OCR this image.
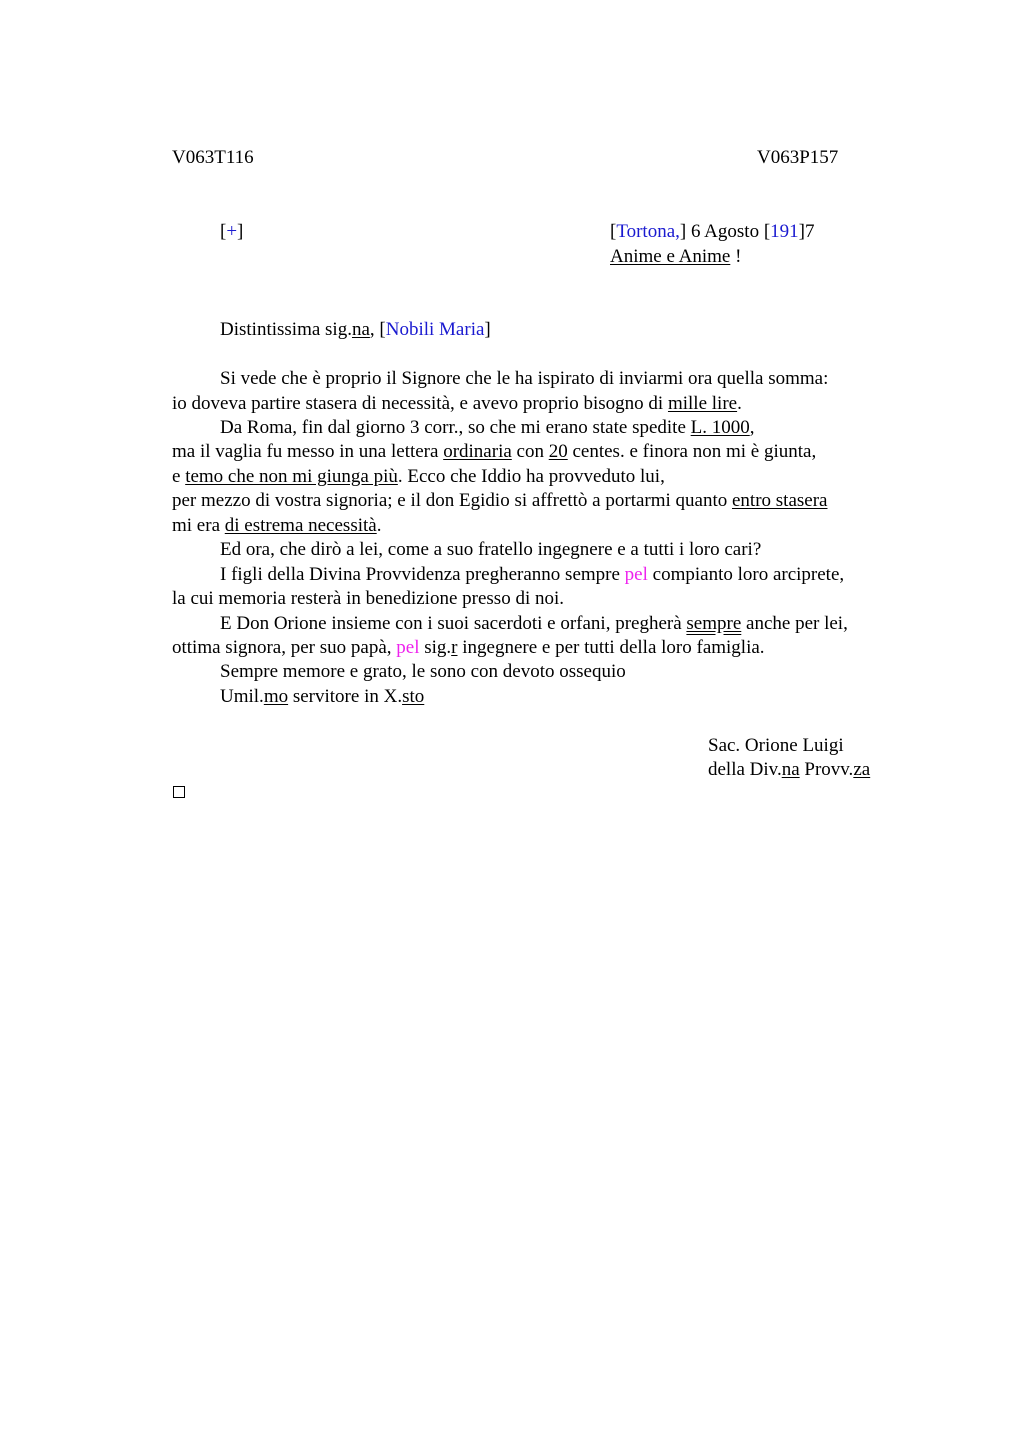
V063T116	V063P157
[+]	[Tortona,] 6 Agosto [191]7
Anime e Anime !
Distintissima sig.na, [Nobili Maria]
Si vede che è proprio il Signore che le ha ispirato di inviarmi ora quella somma:
io doveva partire stasera di necessità, e avevo proprio bisogno di mille lire.
Da Roma, fin dal giorno 3 corr., so che mi erano state spedite L. 1000,
ma il vaglia fu messo in una lettera ordinaria con 20 centes. e finora non mi è giunta,
e temo che non mi giunga più. Ecco che Iddio ha provveduto lui,
per mezzo di vostra signoria; e il don Egidio si affrettò a portarmi quanto entro stasera
mi era di estrema necessità.
Ed ora, che dirò a lei, come a suo fratello ingegnere e a tutti i loro cari?
I figli della Divina Provvidenza pregheranno sempre pel compianto loro arciprete,
la cui memoria resterà in benedizione presso di noi.
E Don Orione insieme con i suoi sacerdoti e orfani, pregherà sempre anche per lei,
ottima signora, per suo papà, pel sig.r ingegnere e per tutti della loro famiglia.
Sempre memore e grato, le sono con devoto ossequio
Umil.mo servitore in X.sto
Sac. Orione Luigi
della Div.na Provv.za
